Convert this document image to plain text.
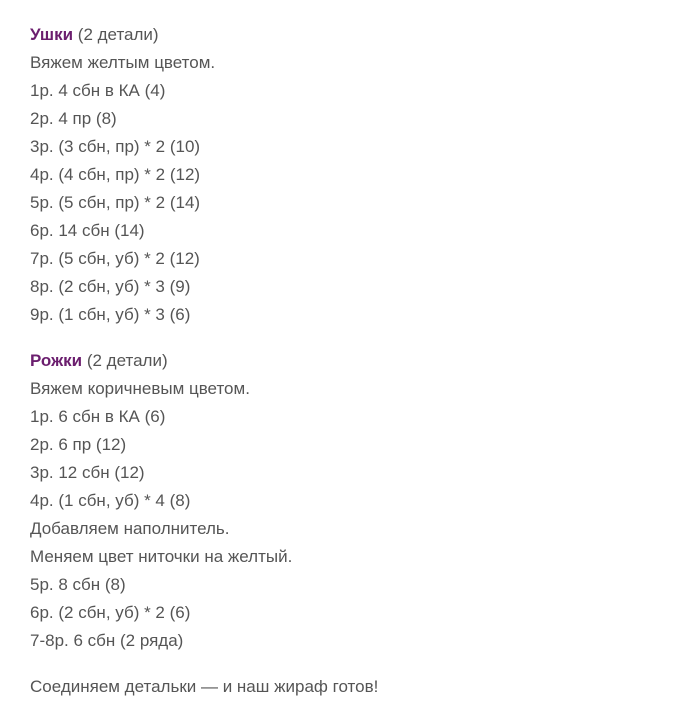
Ушки (2 детали)
Вяжем желтым цветом.
1р. 4 сбн в КА (4)
2р. 4 пр (8)
3р. (3 сбн, пр) * 2 (10)
4р. (4 сбн, пр) * 2 (12)
5р. (5 сбн, пр) * 2 (14)
6р. 14 сбн (14)
7р. (5 сбн, уб) * 2 (12)
8р. (2 сбн, уб) * 3 (9)
9р. (1 сбн, уб) * 3 (6)
Рожки (2 детали)
Вяжем коричневым цветом.
1р. 6 сбн в КА (6)
2р. 6 пр (12)
3р. 12 сбн (12)
4р. (1 сбн, уб) * 4 (8)
Добавляем наполнитель.
Меняем цвет ниточки на желтый.
5р. 8 сбн (8)
6р. (2 сбн, уб) * 2 (6)
7-8р. 6 сбн (2 ряда)
Соединяем детальки — и наш жираф готов!
